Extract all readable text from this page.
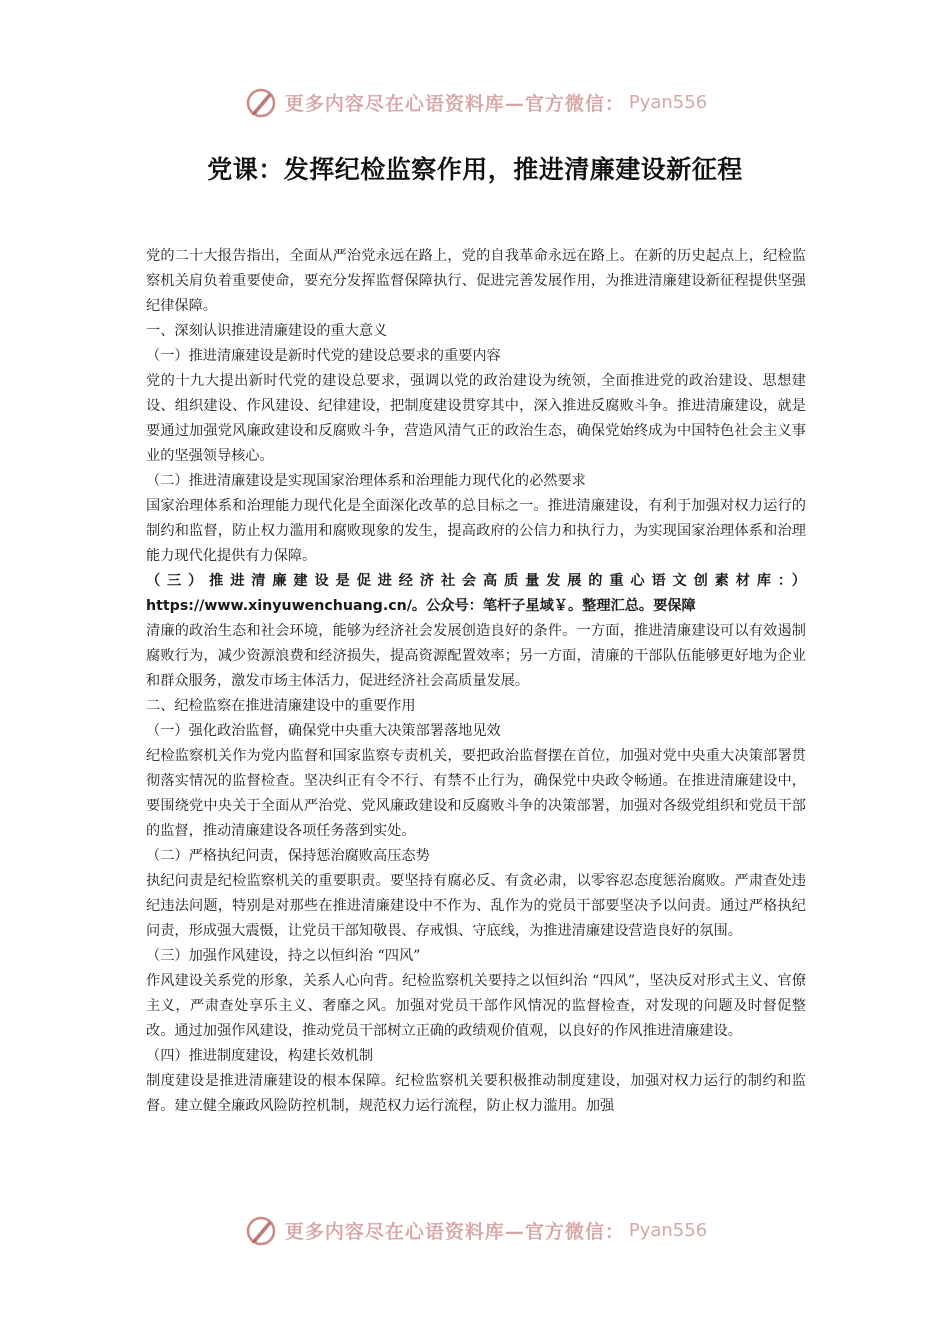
更多内容尽在心语资料库—官方微信： Pyan556
党课：发挥纪检监察作用，推进清廉建设新征程

党的二十大报告指出，全面从严治党永远在路上，党的自我革命永远在路上。在新的历史起点上，纪检监察机关肩负着重要使命，要充分发挥监督保障执行、促进完善发展作用，为推进清廉建设新征程提供坚强纪律保障。

一、深刻认识推进清廉建设的重大意义

（一）推进清廉建设是新时代党的建设总要求的重要内容

党的十九大提出新时代党的建设总要求，强调以党的政治建设为统领，全面推进党的政治建设、思想建设、组织建设、作风建设、纪律建设，把制度建设贯穿其中，深入推进反腐败斗争。推进清廉建设，就是要通过加强党风廉政建设和反腐败斗争，营造风清气正的政治生态，确保党始终成为中国特色社会主义事业的坚强领导核心。

（二）推进清廉建设是实现国家治理体系和治理能力现代化的必然要求

国家治理体系和治理能力现代化是全面深化改革的总目标之一。推进清廉建设，有利于加强对权力运行的制约和监督，防止权力滥用和腐败现象的发生，提高政府的公信力和执行力，为实现国家治理体系和治理能力现代化提供有力保障。

（三）推进清廉建设是促进经济社会高质量发展的重心语文创素材库：）https://www.xinyuwenchuang.cn/。公众号：笔杆子星域￥。整理汇总。要保障

清廉的政治生态和社会环境，能够为经济社会发展创造良好的条件。一方面，推进清廉建设可以有效遏制腐败行为，减少资源浪费和经济损失，提高资源配置效率；另一方面，清廉的干部队伍能够更好地为企业和群众服务，激发市场主体活力，促进经济社会高质量发展。

二、纪检监察在推进清廉建设中的重要作用

（一）强化政治监督，确保党中央重大决策部署落地见效

纪检监察机关作为党内监督和国家监察专责机关，要把政治监督摆在首位，加强对党中央重大决策部署贯彻落实情况的监督检查。坚决纠正有令不行、有禁不止行为，确保党中央政令畅通。在推进清廉建设中，要围绕党中央关于全面从严治党、党风廉政建设和反腐败斗争的决策部署，加强对各级党组织和党员干部的监督，推动清廉建设各项任务落到实处。

（二）严格执纪问责，保持惩治腐败高压态势

执纪问责是纪检监察机关的重要职责。要坚持有腐必反、有贪必肃，以零容忍态度惩治腐败。严肃查处违纪违法问题，特别是对那些在推进清廉建设中不作为、乱作为的党员干部要坚决予以问责。通过严格执纪问责，形成强大震慑，让党员干部知敬畏、存戒惧、守底线，为推进清廉建设营造良好的氛围。

（三）加强作风建设，持之以恒纠治 “四风”

作风建设关系党的形象，关系人心向背。纪检监察机关要持之以恒纠治 “四风”，坚决反对形式主义、官僚主义，严肃查处享乐主义、奢靡之风。加强对党员干部作风情况的监督检查，对发现的问题及时督促整改。通过加强作风建设，推动党员干部树立正确的政绩观价值观，以良好的作风推进清廉建设。

（四）推进制度建设，构建长效机制

制度建设是推进清廉建设的根本保障。纪检监察机关要积极推动制度建设，加强对权力运行的制约和监督。建立健全廉政风险防控机制，规范权力运行流程，防止权力滥用。加强

更多内容尽在心语资料库—官方微信： Pyan556
